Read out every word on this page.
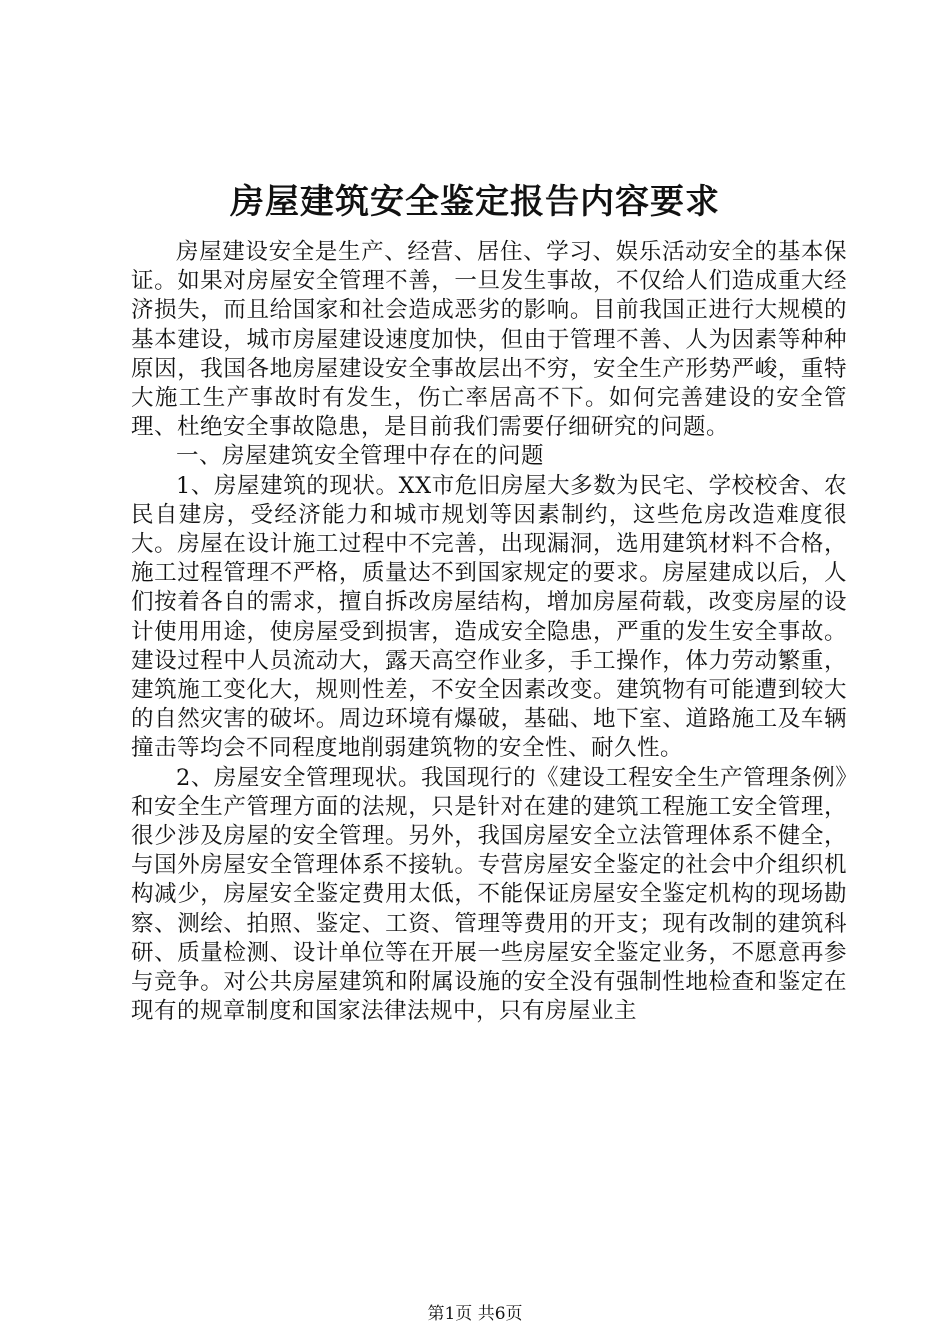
房屋建筑安全鉴定报告内容要求

房屋建设安全是生产、经营、居住、学习、娱乐活动安全的基本保证。如果对房屋安全管理不善，一旦发生事故，不仅给人们造成重大经济损失，而且给国家和社会造成恶劣的影响。目前我国正进行大规模的基本建设，城市房屋建设速度加快，但由于管理不善、人为因素等种种原因，我国各地房屋建设安全事故层出不穷，安全生产形势严峻，重特大施工生产事故时有发生，伤亡率居高不下。如何完善建设的安全管理、杜绝安全事故隐患，是目前我们需要仔细研究的问题。

一、房屋建筑安全管理中存在的问题

1、房屋建筑的现状。XX市危旧房屋大多数为民宅、学校校舍、农民自建房，受经济能力和城市规划等因素制约，这些危房改造难度很大。房屋在设计施工过程中不完善，出现漏洞，选用建筑材料不合格，施工过程管理不严格，质量达不到国家规定的要求。房屋建成以后，人们按着各自的需求，擅自拆改房屋结构，增加房屋荷载，改变房屋的设计使用用途，使房屋受到损害，造成安全隐患，严重的发生安全事故。建设过程中人员流动大，露天高空作业多，手工操作，体力劳动繁重，建筑施工变化大，规则性差，不安全因素改变。建筑物有可能遭到较大的自然灾害的破坏。周边环境有爆破，基础、地下室、道路施工及车辆撞击等均会不同程度地削弱建筑物的安全性、耐久性。

2、房屋安全管理现状。我国现行的《建设工程安全生产管理条例》和安全生产管理方面的法规，只是针对在建的建筑工程施工安全管理，很少涉及房屋的安全管理。另外，我国房屋安全立法管理体系不健全，与国外房屋安全管理体系不接轨。专营房屋安全鉴定的社会中介组织机构减少，房屋安全鉴定费用太低，不能保证房屋安全鉴定机构的现场勘察、测绘、拍照、鉴定、工资、管理等费用的开支；现有改制的建筑科研、质量检测、设计单位等在开展一些房屋安全鉴定业务，不愿意再参与竞争。对公共房屋建筑和附属设施的安全没有强制性地检查和鉴定在现有的规章制度和国家法律法规中，只有房屋业主

第1页 共6页
